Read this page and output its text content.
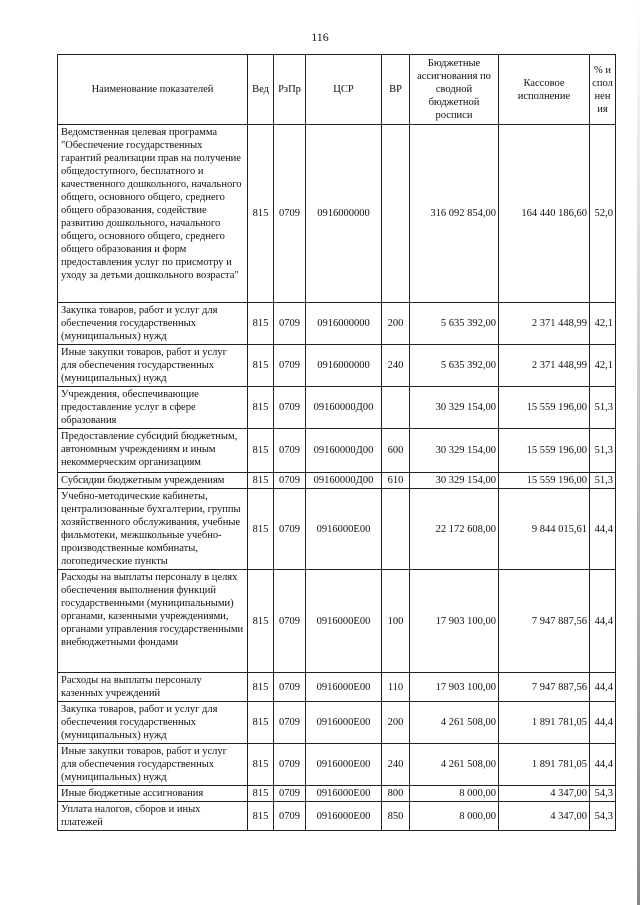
116
Наименование показателей	Вед	РзПр	ЦСР	ВР	Бюджетные ассигнования по сводной бюджетной росписи	Кассовое исполнение	% исполнения
Ведомственная целевая программа "Обеспечение государственных гарантий реализации прав на получение общедоступного, бесплатного и качественного дошкольного, начального общего, основного общего, среднего общего образования, содействие развитию дошкольного, начального общего, основного общего, среднего общего образования и форм предоставления услуг по присмотру и уходу за детьми дошкольного возраста"	815	0709	0916000000		316 092 854,00	164 440 186,60	52,0
Закупка товаров, работ и услуг для обеспечения государственных (муниципальных) нужд	815	0709	0916000000	200	5 635 392,00	2 371 448,99	42,1
Иные закупки товаров, работ и услуг для обеспечения государственных (муниципальных) нужд	815	0709	0916000000	240	5 635 392,00	2 371 448,99	42,1
Учреждения, обеспечивающие предоставление услуг в сфере образования	815	0709	09160000Д00		30 329 154,00	15 559 196,00	51,3
Предоставление субсидий бюджетным, автономным учреждениям и иным некоммерческим организациям	815	0709	09160000Д00	600	30 329 154,00	15 559 196,00	51,3
Субсидии бюджетным учреждениям	815	0709	09160000Д00	610	30 329 154,00	15 559 196,00	51,3
Учебно-методические кабинеты, централизованные бухгалтерии, группы хозяйственного обслуживания, учебные фильмотеки, межшкольные учебно-производственные комбинаты, логопедические пункты	815	0709	0916000Е00		22 172 608,00	9 844 015,61	44,4
Расходы на выплаты персоналу в целях обеспечения выполнения функций государственными (муниципальными) органами, казенными учреждениями, органами управления государственными внебюджетными фондами	815	0709	0916000Е00	100	17 903 100,00	7 947 887,56	44,4
Расходы на выплаты персоналу казенных учреждений	815	0709	0916000Е00	110	17 903 100,00	7 947 887,56	44,4
Закупка товаров, работ и услуг для обеспечения государственных (муниципальных) нужд	815	0709	0916000Е00	200	4 261 508,00	1 891 781,05	44,4
Иные закупки товаров, работ и услуг для обеспечения государственных (муниципальных) нужд	815	0709	0916000Е00	240	4 261 508,00	1 891 781,05	44,4
Иные бюджетные ассигнования	815	0709	0916000Е00	800	8 000,00	4 347,00	54,3
Уплата налогов, сборов и иных платежей	815	0709	0916000Е00	850	8 000,00	4 347,00	54,3
